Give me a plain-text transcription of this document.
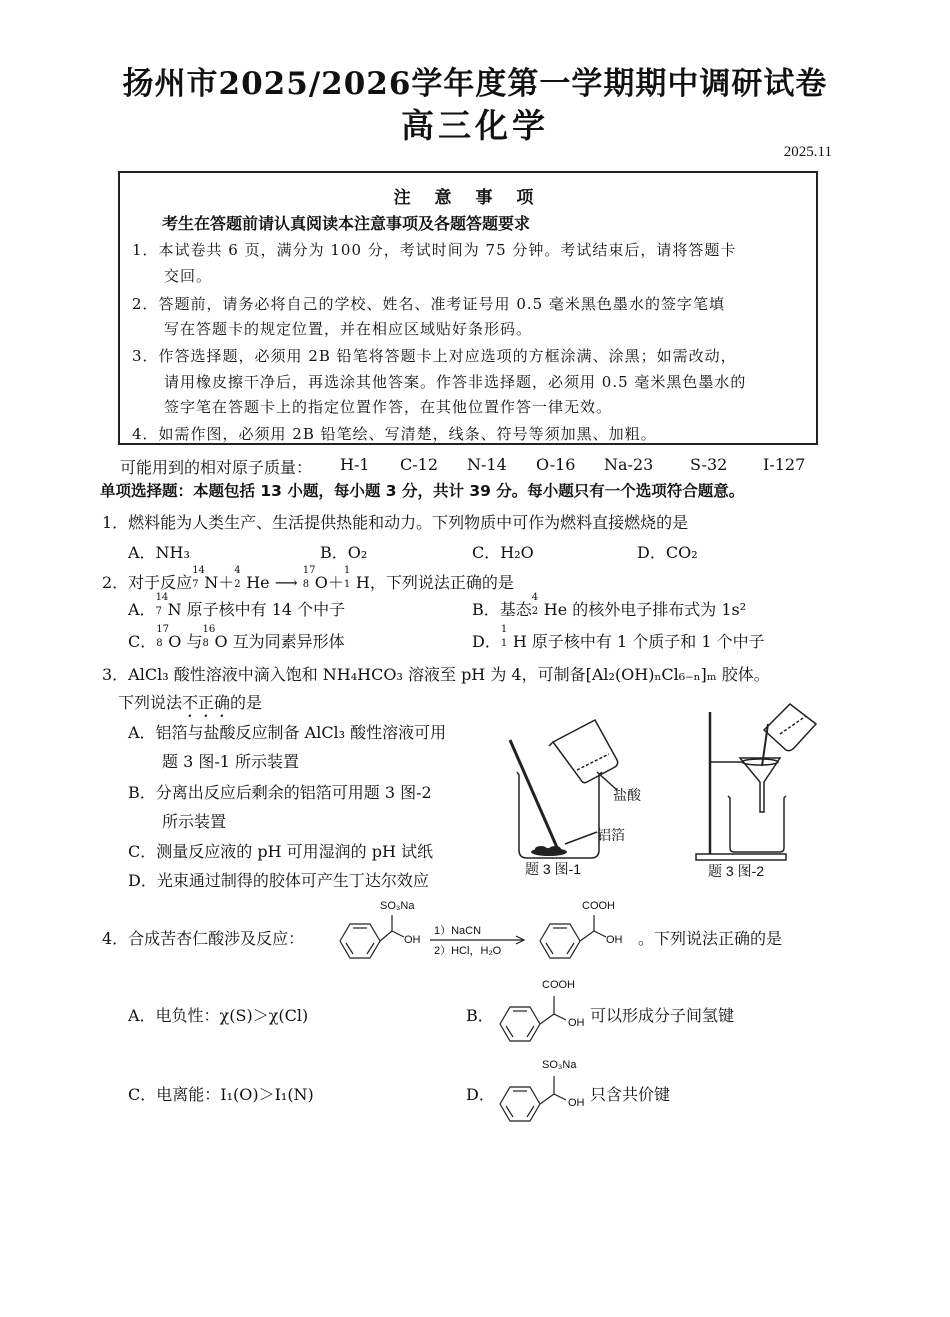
扬州市2025/2026学年度第一学期期中调研试卷
高三化学
2025.11
注 意 事 项
考生在答题前请认真阅读本注意事项及各题答题要求
1．本试卷共 6 页，满分为 100 分，考试时间为 75 分钟。考试结束后，请将答题卡
交回。
2．答题前，请务必将自己的学校、姓名、准考证号用 0.5 毫米黑色墨水的签字笔填
写在答题卡的规定位置，并在相应区域贴好条形码。
3．作答选择题，必须用 2B 铅笔将答题卡上对应选项的方框涂满、涂黑；如需改动，
请用橡皮擦干净后，再选涂其他答案。作答非选择题，必须用 0.5 毫米黑色墨水的
签字笔在答题卡上的指定位置作答，在其他位置作答一律无效。
4．如需作图，必须用 2B 铅笔绘、写清楚，线条、符号等须加黑、加粗。
可能用到的相对原子质量： H-1 C-12 N-14 O-16 Na-23 S-32 I-127
单项选择题：本题包括 13 小题，每小题 3 分，共计 39 分。每小题只有一个选项符合题意。
1．燃料能为人类生产、生活提供热能和动力。下列物质中可作为燃料直接燃烧的是
A．NH₃	B．O₂	C．H₂O	D．CO₂
2．对于反应
14
7 N＋
4
2 He ⟶
17
8 O＋
1
1 H，下列说法正确的是
A．
14
7 N 原子核中有 14 个中子	B．基态
4
2 He 的核外电子排布式为 1s²
C．
17
8 O 与
16
8 O 互为同素异形体	D．
1
1 H 原子核中有 1 个质子和 1 个中子
3．AlCl₃ 酸性溶液中滴入饱和 NH₄HCO₃ 溶液至 pH 为 4，可制备[Al₂(OH)ₙCl₆₋ₙ]ₘ 胶体。
下列说法不正确的是
A．铝箔与盐酸反应制备 AlCl₃ 酸性溶液可用
题 3 图-1 所示装置
B．分离出反应后剩余的铝箔可用题 3 图-2
所示装置
C．测量反应液的 pH 可用湿润的 pH 试纸
D．光束通过制得的胶体可产生丁达尔效应
盐酸
铝箔
题 3 图-1	题 3 图-2
4．合成苦杏仁酸涉及反应：
SO₃Na
OH
1）NaCN
2）HCl，H₂O
COOH
OH 。下列说法正确的是
A．电负性：χ(S)＞χ(Cl)	B．
COOH
OH 可以形成分子间氢键
C．电离能：I₁(O)＞I₁(N)	D．
SO₃Na
OH 只含共价键
